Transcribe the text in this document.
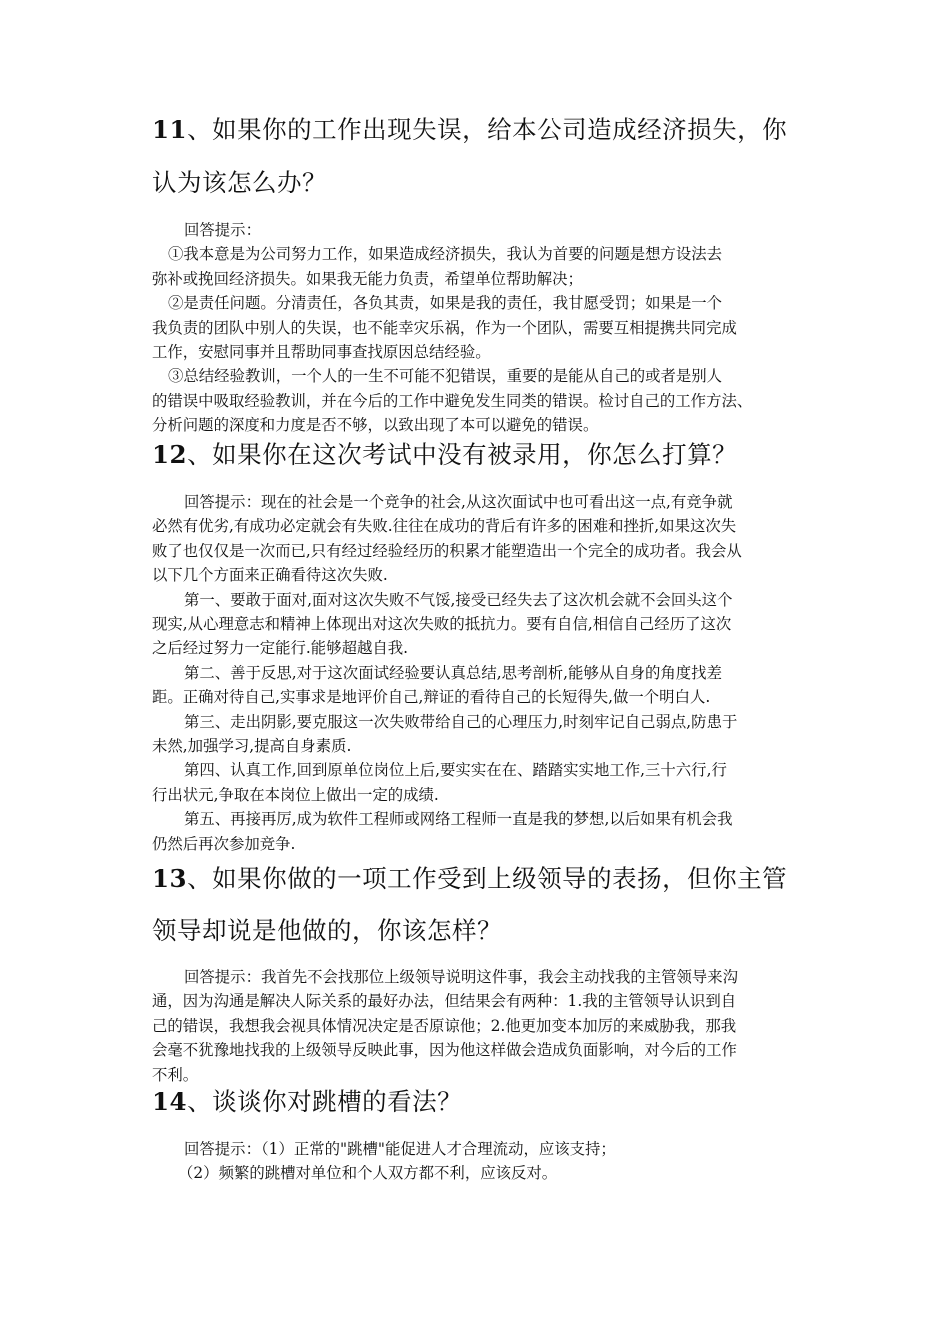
11、如果你的工作出现失误，给本公司造成经济损失，你
认为该怎么办？
回答提示：
①我本意是为公司努力工作，如果造成经济损失，我认为首要的问题是想方设法去
弥补或挽回经济损失。如果我无能力负责，希望单位帮助解决；
②是责任问题。分清责任，各负其责，如果是我的责任，我甘愿受罚；如果是一个
我负责的团队中别人的失误，也不能幸灾乐祸，作为一个团队，需要互相提携共同完成
工作，安慰同事并且帮助同事查找原因总结经验。
③总结经验教训，一个人的一生不可能不犯错误，重要的是能从自己的或者是别人
的错误中吸取经验教训，并在今后的工作中避免发生同类的错误。检讨自己的工作方法、
分析问题的深度和力度是否不够，以致出现了本可以避免的错误。
12、如果你在这次考试中没有被录用，你怎么打算？
回答提示：现在的社会是一个竞争的社会,从这次面试中也可看出这一点,有竞争就
必然有优劣,有成功必定就会有失败.往往在成功的背后有许多的困难和挫折,如果这次失
败了也仅仅是一次而已,只有经过经验经历的积累才能塑造出一个完全的成功者。我会从
以下几个方面来正确看待这次失败.
第一、要敢于面对,面对这次失败不气馁,接受已经失去了这次机会就不会回头这个
现实,从心理意志和精神上体现出对这次失败的抵抗力。要有自信,相信自己经历了这次
之后经过努力一定能行.能够超越自我.
第二、善于反思,对于这次面试经验要认真总结,思考剖析,能够从自身的角度找差
距。正确对待自己,实事求是地评价自己,辩证的看待自己的长短得失,做一个明白人.
第三、走出阴影,要克服这一次失败带给自己的心理压力,时刻牢记自己弱点,防患于
未然,加强学习,提高自身素质.
第四、认真工作,回到原单位岗位上后,要实实在在、踏踏实实地工作,三十六行,行
行出状元,争取在本岗位上做出一定的成绩.
第五、再接再厉,成为软件工程师或网络工程师一直是我的梦想,以后如果有机会我
仍然后再次参加竞争.
13、如果你做的一项工作受到上级领导的表扬，但你主管
领导却说是他做的，你该怎样？
回答提示：我首先不会找那位上级领导说明这件事，我会主动找我的主管领导来沟
通，因为沟通是解决人际关系的最好办法，但结果会有两种：1.我的主管领导认识到自
己的错误，我想我会视具体情况决定是否原谅他；2.他更加变本加厉的来威胁我，那我
会毫不犹豫地找我的上级领导反映此事，因为他这样做会造成负面影响，对今后的工作
不利。
14、谈谈你对跳槽的看法？
回答提示：（1）正常的"跳槽"能促进人才合理流动，应该支持；
（2）频繁的跳槽对单位和个人双方都不利，应该反对。
